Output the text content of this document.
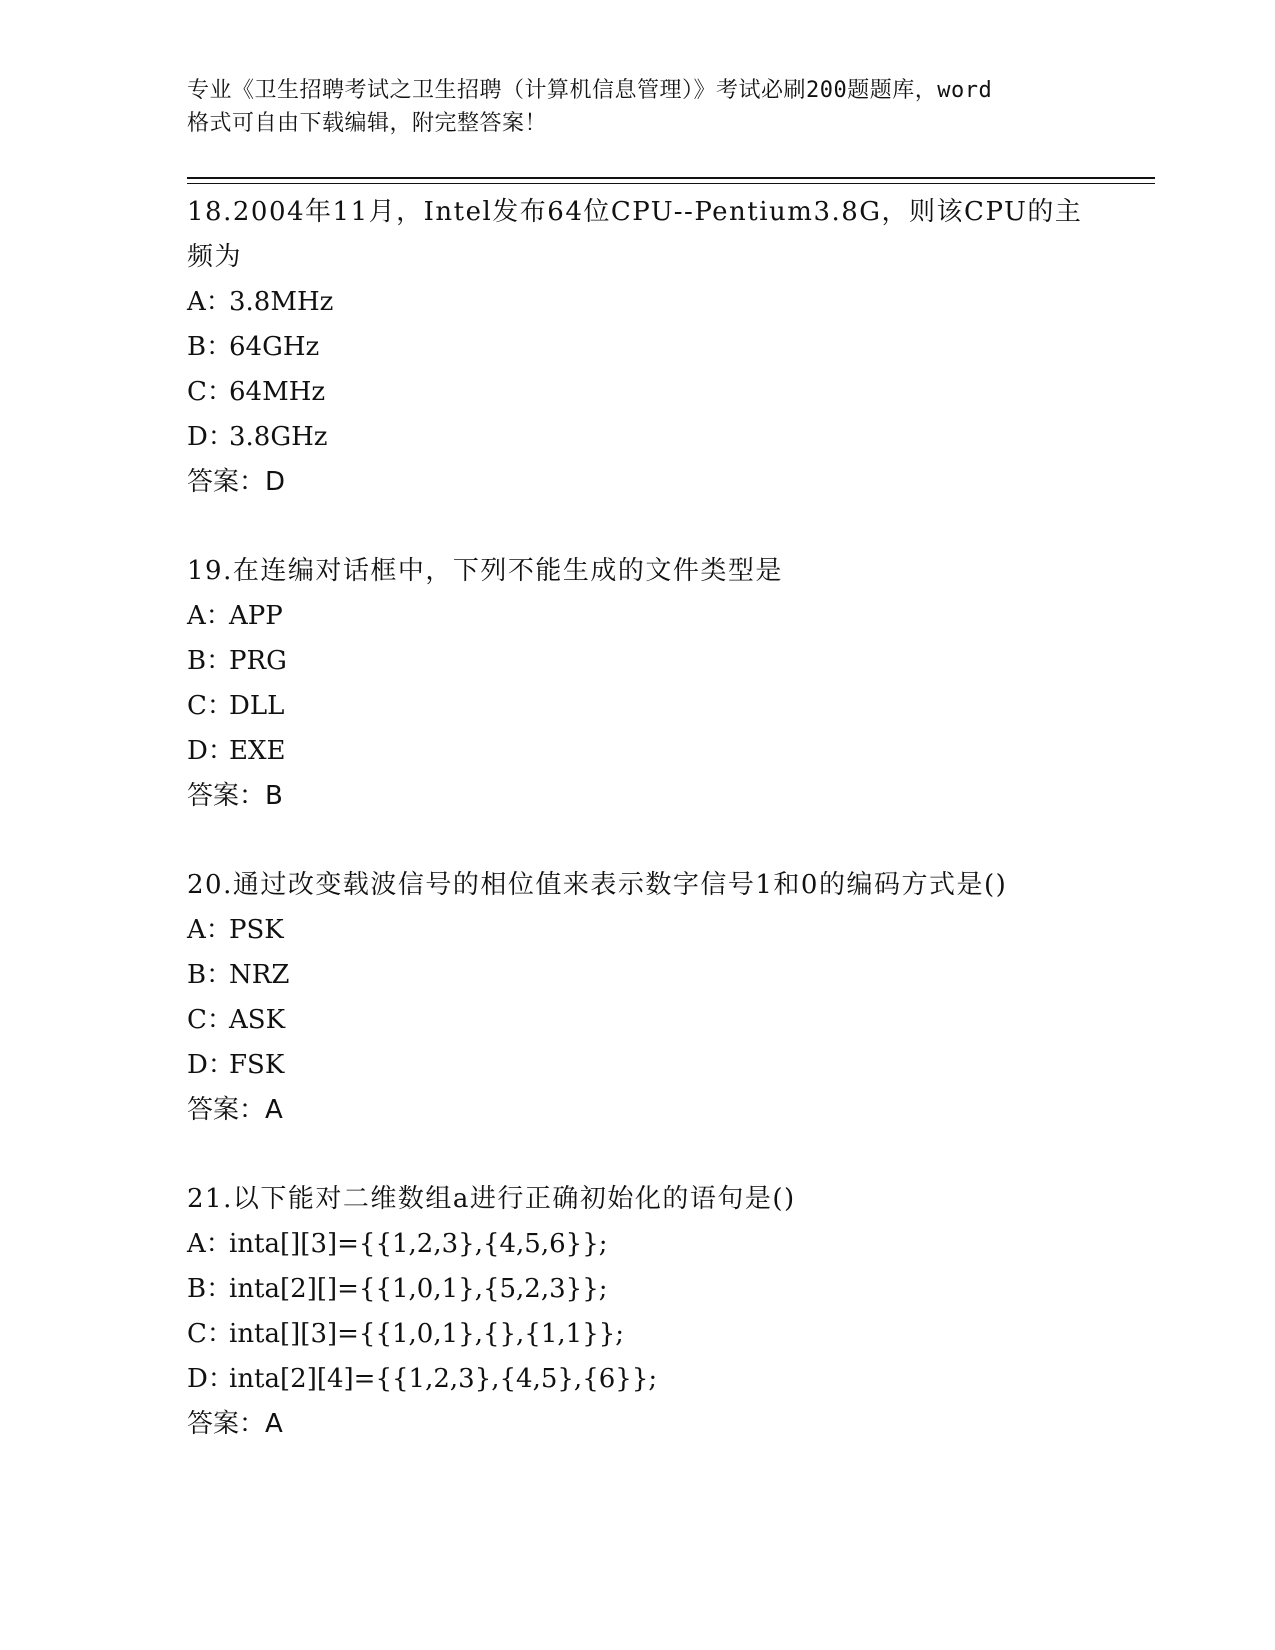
专业《卫生招聘考试之卫生招聘（计算机信息管理）》考试必刷200题题库，word
格式可自由下载编辑，附完整答案！
18.2004年11月，Intel发布64位CPU--Pentium3.8G，则该CPU的主频为
A：3.8MHz
B：64GHz
C：64MHz
D：3.8GHz
答案：D
19.在连编对话框中，下列不能生成的文件类型是
A：APP
B：PRG
C：DLL
D：EXE
答案：B
20.通过改变载波信号的相位值来表示数字信号1和0的编码方式是()
A：PSK
B：NRZ
C：ASK
D：FSK
答案：A
21.以下能对二维数组a进行正确初始化的语句是()
A：inta[][3]={{1,2,3},{4,5,6}};
B：inta[2][]={{1,0,1},{5,2,3}};
C：inta[][3]={{1,0,1},{},{1,1}};
D：inta[2][4]={{1,2,3},{4,5},{6}};
答案：A
